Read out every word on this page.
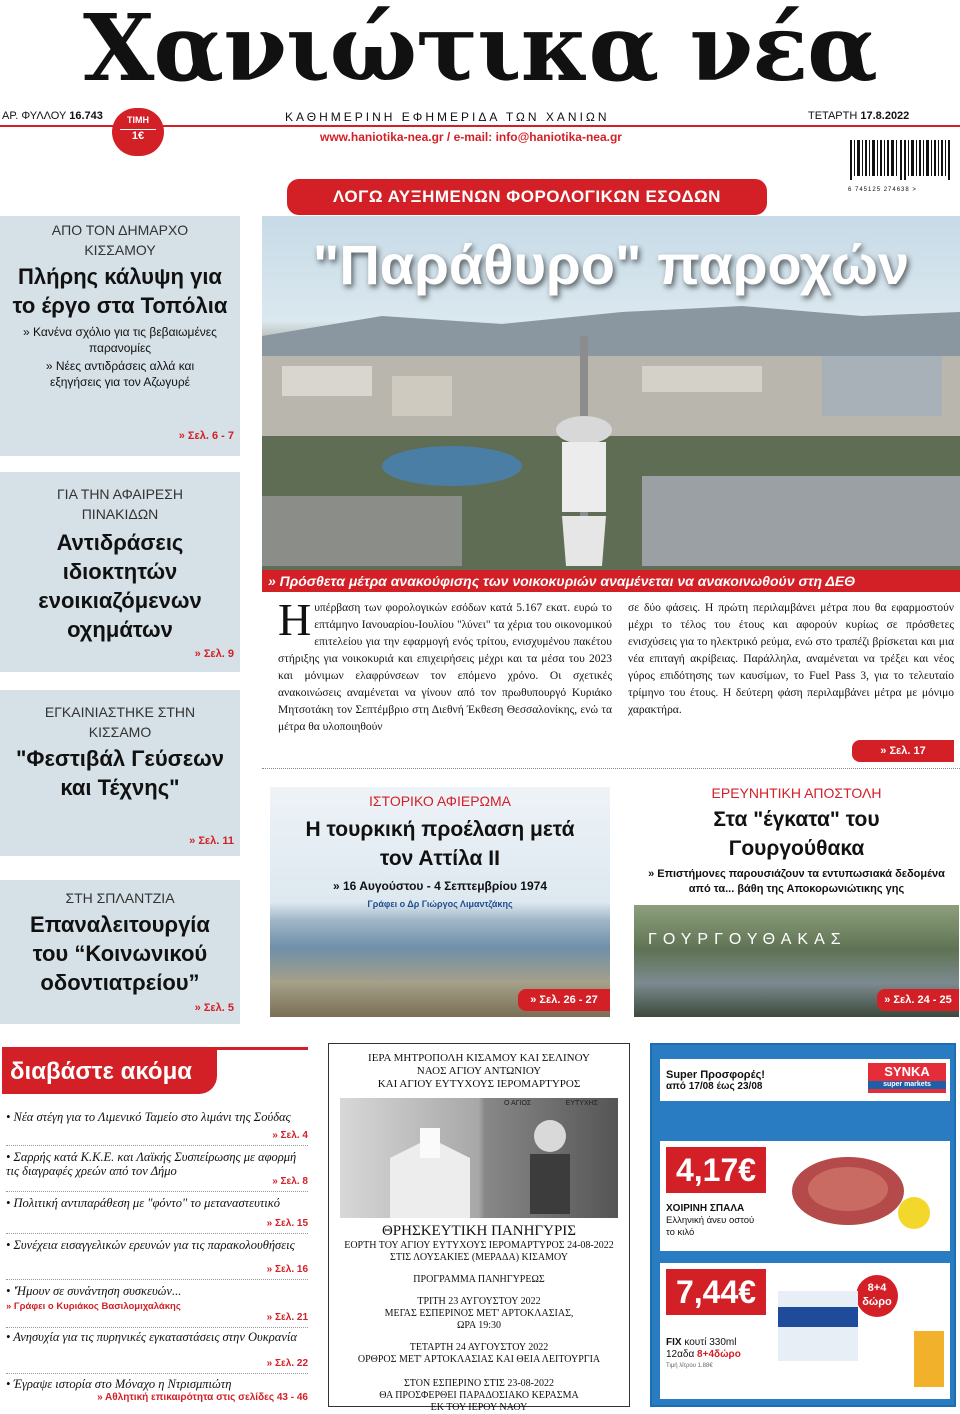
Χανιώτικα νέα
ΑΡ. ΦΥΛΛΟΥ 16.743	ΤΙΜΗ
1€
ΚΑΘΗΜΕΡΙΝΗ ΕΦΗΜΕΡΙΔΑ ΤΩΝ ΧΑΝΙΩΝ	ΤΕΤΑΡΤΗ 17.8.2022
www.haniotika-nea.gr / e-mail: info@haniotika-nea.gr
6 745125 274638 >
ΛΟΓΩ ΑΥΞΗΜΕΝΩΝ ΦΟΡΟΛΟΓΙΚΩΝ ΕΣΟΔΩΝ
"Παράθυρο" παροχών
» Πρόσθετα μέτρα ανακούφισης των νοικοκυριών αναμένεται να ανακοινωθούν στη ΔΕΘ
Ηυπέρβαση των φορολογικών εσόδων κατά 5.167 εκατ. ευρώ το επτάμηνο Ιανουαρίου-Ιουλίου "λύνει" τα χέρια του οικονομικού επιτελείου για την εφαρμογή ενός τρίτου, ενισχυμένου πακέτου στήριξης για νοικοκυριά και επιχειρήσεις μέχρι και τα μέσα του 2023 και μόνιμων ελαφρύνσεων τον επόμενο χρόνο. Οι σχετικές ανακοινώσεις αναμένεται να γίνουν από τον πρωθυπουργό Κυριάκο Μητσοτάκη τον Σεπτέμβριο στη Διεθνή Έκθεση Θεσσαλονίκης, ενώ τα μέτρα θα υλοποιηθούν
σε δύο φάσεις. Η πρώτη περιλαμβάνει μέτρα που θα εφαρμοστούν μέχρι το τέλος του έτους και αφορούν κυρίως σε πρόσθετες ενισχύσεις για το ηλεκτρικό ρεύμα, ενώ στο τραπέζι βρίσκεται και μια νέα επιταγή ακρίβειας. Παράλληλα, αναμένεται να τρέξει και νέος γύρος επιδότησης των καυσίμων, το Fuel Pass 3, για το τελευταίο τρίμηνο του έτους. Η δεύτερη φάση περιλαμβάνει μέτρα με μόνιμο χαρακτήρα.
» Σελ. 17
ΑΠΟ ΤΟΝ ΔΗΜΑΡΧΟ ΚΙΣΣΑΜΟΥ
Πλήρης κάλυψη για το έργο στα Τοπόλια
» Κανένα σχόλιο για τις βεβαιωμένες παρανομίες
» Νέες αντιδράσεις αλλά και εξηγήσεις για τον Αζωγυρέ
» Σελ. 6 - 7
ΓΙΑ ΤΗΝ ΑΦΑΙΡΕΣΗ ΠΙΝΑΚΙΔΩΝ
Αντιδράσεις ιδιοκτητών ενοικιαζόμενων οχημάτων
» Σελ. 9
ΕΓΚΑΙΝΙΑΣΤΗΚΕ ΣΤΗΝ ΚΙΣΣΑΜΟ
"Φεστιβάλ Γεύσεων και Τέχνης"
» Σελ. 11
ΣΤΗ ΣΠΛΑΝΤΖΙΑ
Επαναλειτουργία του “Κοινωνικού οδοντιατρείου”
» Σελ. 5
ΙΣΤΟΡΙΚΟ ΑΦΙΕΡΩΜΑ
Η τουρκική προέλαση μετά τον Αττίλα ΙΙ
» 16 Αυγούστου - 4 Σεπτεμβρίου 1974
Γράφει ο Δρ Γιώργος Λιμαντζάκης
» Σελ. 26 - 27
ΕΡΕΥΝΗΤΙΚΗ ΑΠΟΣΤΟΛΗ
Στα "έγκατα" του Γουργούθακα
» Επιστήμονες παρουσιάζουν τα εντυπωσιακά δεδομένα από τα... βάθη της Αποκορωνιώτικης γης
ΓΟΥΡΓΟΥΘΑΚΑΣ
» Σελ. 24 - 25
διαβάστε ακόμα
• Νέα στέγη για το Λιμενικό Ταμείο στο λιμάνι της Σούδας
» Σελ. 4
• Σαρρής κατά Κ.Κ.Ε. και Λαϊκής Συσπείρωσης με αφορμή τις διαγραφές χρεών από τον Δήμο
» Σελ. 8
• Πολιτική αντιπαράθεση με "φόντο" το μεταναστευτικό
» Σελ. 15
• Συνέχεια εισαγγελικών ερευνών για τις παρακολουθήσεις
» Σελ. 16
• 'Ήμουν σε συνάντηση συσκευών...
» Γράφει ο Κυριάκος Βασιλομιχαλάκης
» Σελ. 21
• Ανησυχία για τις πυρηνικές εγκαταστάσεις στην Ουκρανία
» Σελ. 22
• Έγραψε ιστορία στο Μόναχο η Ντρισμπιώτη
» Αθλητική επικαιρότητα στις σελίδες 43 - 46
ΙΕΡΑ ΜΗΤΡΟΠΟΛΗ ΚΙΣΑΜΟΥ ΚΑΙ ΣΕΛΙΝΟΥ
ΝΑΟΣ ΑΓΙΟΥ ΑΝΤΩΝΙΟΥ
ΚΑΙ ΑΓΙΟΥ ΕΥΤΥΧΟΥΣ ΙΕΡΟΜΑΡΤΥΡΟΣ
Ο ΑΓΙΟΣ	ΕΥΤΥΧΗΣ
ΘΡΗΣΚΕΥΤΙΚΗ ΠΑΝΗΓΥΡΙΣ
ΕΟΡΤΗ ΤΟΥ ΑΓΙΟΥ ΕΥΤΥΧΟΥΣ ΙΕΡΟΜΑΡΤΥΡΟΣ 24-08-2022
ΣΤΙΣ ΛΟΥΣΑΚΙΕΣ (ΜΕΡΑΔΑ) ΚΙΣΑΜΟΥ
ΠΡΟΓΡΑΜΜΑ ΠΑΝΗΓΥΡΕΩΣ
ΤΡΙΤΗ 23 ΑΥΓΟΥΣΤΟΥ 2022
ΜΕΓΑΣ ΕΣΠΕΡΙΝΟΣ ΜΕΤ' ΑΡΤΟΚΛΑΣΙΑΣ,
ΩΡΑ 19:30
ΤΕΤΑΡΤΗ 24 ΑΥΓΟΥΣΤΟΥ 2022
ΟΡΘΡΟΣ ΜΕΤ' ΑΡΤΟΚΛΑΣΙΑΣ ΚΑΙ ΘΕΙΑ ΛΕΙΤΟΥΡΓΙΑ
ΣΤΟΝ ΕΣΠΕΡΙΝΟ ΣΤΙΣ 23-08-2022
ΘΑ ΠΡΟΣΦΕΡΘΕΙ ΠΑΡΑΔΟΣΙΑΚΟ ΚΕΡΑΣΜΑ
ΕΚ ΤΟΥ ΙΕΡΟΥ ΝΑΟΥ
Super Προσφορές!
από 17/08 έως 23/08
SYNKA
super markets
4,17€
ΧΟΙΡΙΝΗ ΣΠΑΛΑ
Ελληνική άνευ οστού
το κιλό
7,44€
FIX κουτί 330ml
12αδα 8+4δώρο
Τιμή λίτρου 1.88€
8+4 δώρο
